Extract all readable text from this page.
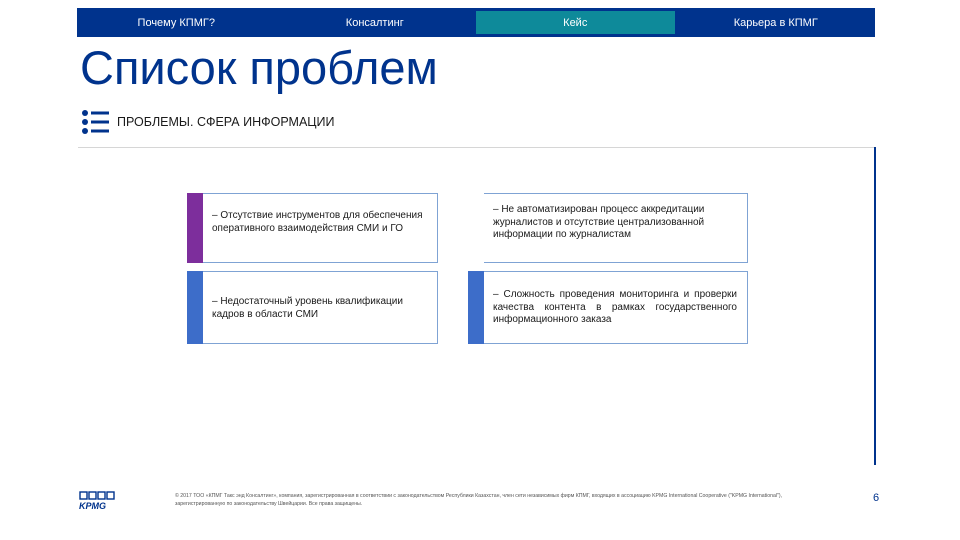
Почему КПМГ?	Консалтинг	Кейс	Карьера в КПМГ
Список проблем
ПРОБЛЕМЫ. СФЕРА ИНФОРМАЦИИ
– Отсутствие инструментов для обеспечения оперативного взаимодействия СМИ и ГО
– Не автоматизирован процесс аккредитации журналистов и отсутствие централизованной информации по журналистам
– Недостаточный уровень квалификации кадров в области СМИ
– Сложность проведения мониторинга и проверки качества контента в рамках государственного информационного заказа
KPMG
© 2017 ТОО «КПМГ Такс энд Консалтинг», компания, зарегистрированная в соответствии с законодательством Республики Казахстан, член сети независимых фирм КПМГ, входящих в ассоциацию KPMG International Cooperative ("KPMG International"), зарегистрированную по законодательству Швейцарии. Все права защищены.	6
